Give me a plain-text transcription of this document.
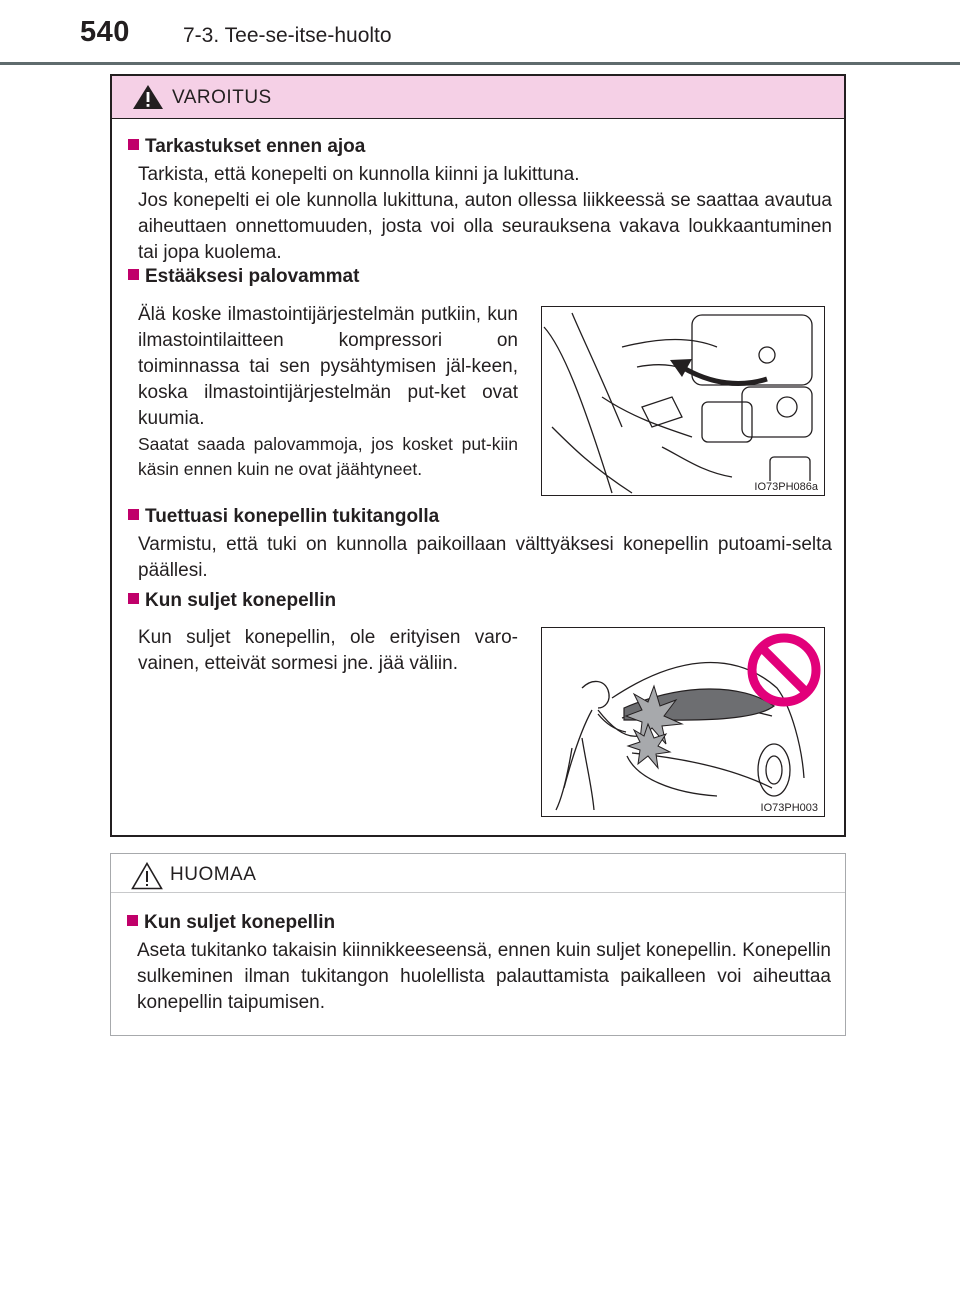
540	7-3. Tee-se-itse-huolto
VAROITUS
Tarkastukset ennen ajoa
Tarkista, että konepelti on kunnolla kiinni ja lukittuna.
Jos konepelti ei ole kunnolla lukittuna, auton ollessa liikkeessä se saattaa avautua aiheuttaen onnettomuuden, josta voi olla seurauksena vakava loukkaantuminen tai jopa kuolema.
Estääksesi palovammat
Älä koske ilmastointijärjestelmän putkiin, kun ilmastointilaitteen kompressori on toiminnassa tai sen pysähtymisen jäl-keen, koska ilmastointijärjestelmän put-ket ovat kuumia.
Saatat saada palovammoja, jos kosket put-kiin käsin ennen kuin ne ovat jäähtyneet.
IO73PH086a
Tuettuasi konepellin tukitangolla
Varmistu, että tuki on kunnolla paikoillaan välttyäksesi konepellin putoami-selta päällesi.
Kun suljet konepellin
Kun suljet konepellin, ole erityisen varo-vainen, etteivät sormesi jne. jää väliin.
IO73PH003
HUOMAA
Kun suljet konepellin
Aseta tukitanko takaisin kiinnikkeeseensä, ennen kuin suljet konepellin. Konepellin sulkeminen ilman tukitangon huolellista palauttamista paikalleen voi aiheuttaa konepellin taipumisen.
